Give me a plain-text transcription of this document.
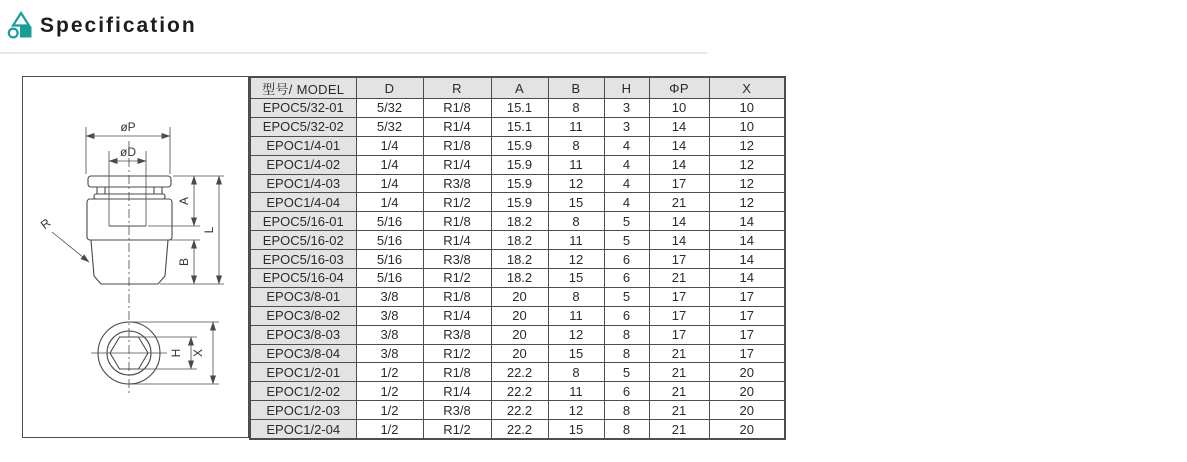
Specification
øP
øD
A
B
L
R
H X
型号/ MODEL	D	R	A	B	H	ΦP	X
EPOC5/32-01	5/32	R1/8	15.1	8	3	10	10
EPOC5/32-02	5/32	R1/4	15.1	11	3	14	10
EPOC1/4-01	1/4	R1/8	15.9	8	4	14	12
EPOC1/4-02	1/4	R1/4	15.9	11	4	14	12
EPOC1/4-03	1/4	R3/8	15.9	12	4	17	12
EPOC1/4-04	1/4	R1/2	15.9	15	4	21	12
EPOC5/16-01	5/16	R1/8	18.2	8	5	14	14
EPOC5/16-02	5/16	R1/4	18.2	11	5	14	14
EPOC5/16-03	5/16	R3/8	18.2	12	6	17	14
EPOC5/16-04	5/16	R1/2	18.2	15	6	21	14
EPOC3/8-01	3/8	R1/8	20	8	5	17	17
EPOC3/8-02	3/8	R1/4	20	11	6	17	17
EPOC3/8-03	3/8	R3/8	20	12	8	17	17
EPOC3/8-04	3/8	R1/2	20	15	8	21	17
EPOC1/2-01	1/2	R1/8	22.2	8	5	21	20
EPOC1/2-02	1/2	R1/4	22.2	11	6	21	20
EPOC1/2-03	1/2	R3/8	22.2	12	8	21	20
EPOC1/2-04	1/2	R1/2	22.2	15	8	21	20
